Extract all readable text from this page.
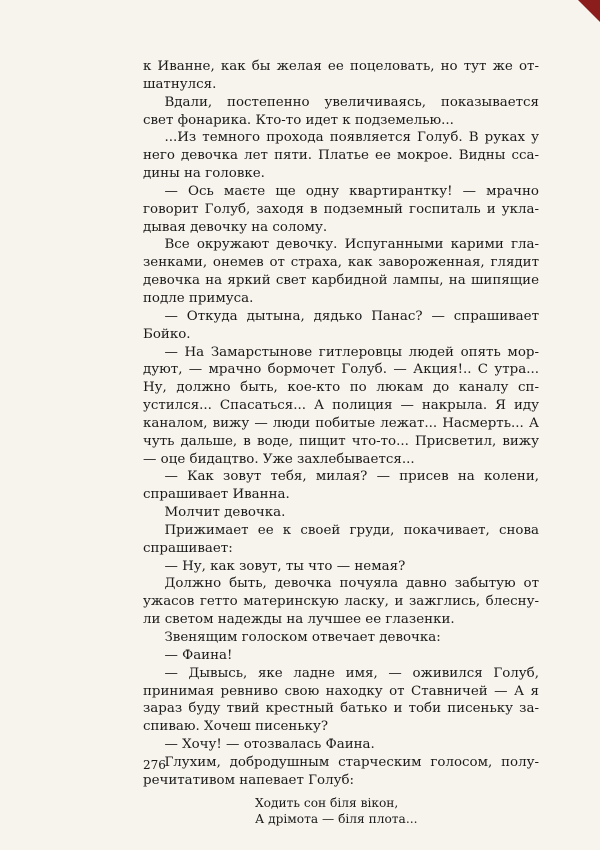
к Иванне, как бы желая ее поцеловать, но тут же отшатнулся.

Вдали, постепенно увеличиваясь, показывается свет фонарика. Кто-то идет к подземелью...

...Из темного прохода появляется Голуб. В руках у него девочка лет пяти. Платье ее мокрое. Видны ссадины на головке.

— Ось маєте ще одну квартирантку! — мрачно говорит Голуб, заходя в подземный госпиталь и укладывая девочку на солому.

Все окружают девочку. Испуганными карими глазенками, онемев от страха, как завороженная, глядит девочка на яркий свет карбидной лампы, на шипящие подле примуса.

— Откуда дытына, дядько Панас? — спрашивает Бойко.

— На Замарстынове гитлеровцы людей опять мордуют, — мрачно бормочет Голуб. — Акция!.. С утра... Ну, должно быть, кое-кто по люкам до каналу спустился... Спасаться... А полиция — накрыла. Я иду каналом, вижу — люди побитые лежат... Насмерть... А чуть дальше, в воде, пищит что-то... Присветил, вижу — оце бидацтво. Уже захлебывается...

— Как зовут тебя, милая? — присев на колени, спрашивает Иванна.

Молчит девочка.

Прижимает ее к своей груди, покачивает, снова спрашивает:

— Ну, как зовут, ты что — немая?

Должно быть, девочка почуяла давно забытую от ужасов гетто материнскую ласку, и зажглись, блеснули светом надежды на лучшее ее глазенки.

Звенящим голоском отвечает девочка:

— Фаина!

— Дывысь, яке ладне имя, — оживился Голуб, принимая ревниво свою находку от Ставничей — А я зараз буду твий крестный батько и тоби писеньку заспиваю. Хочеш писеньку?

— Хочу! — отозвалась Фаина.

Глухим, добродушным старческим голосом, полуречитативом напевает Голуб:

Ходить сон біля вікон,
А дрімота — біля плота...
276
